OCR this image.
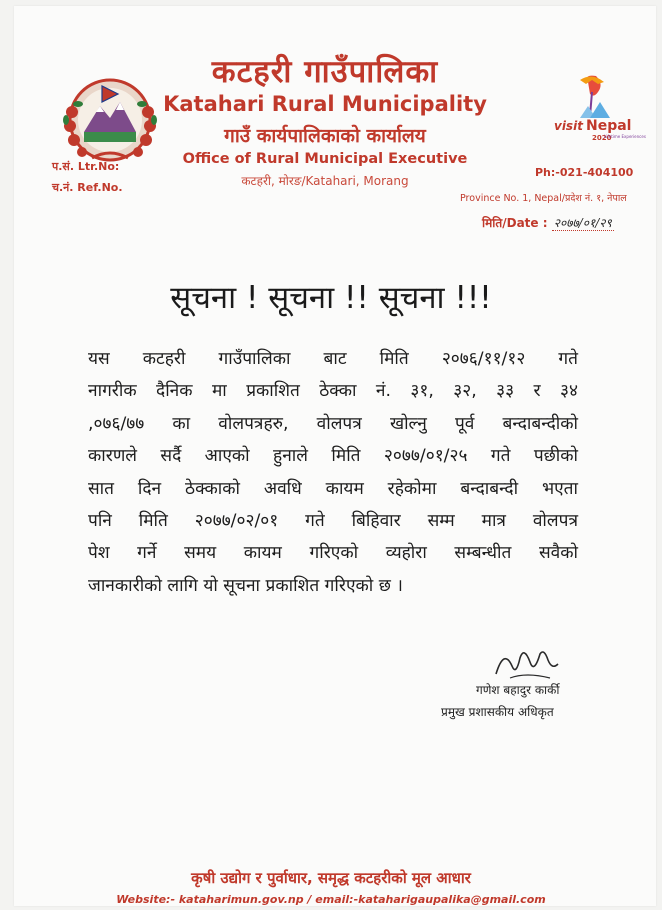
visit Nepal
2020
Lifetime Experiences
कटहरी गाउँपालिका
Katahari Rural Municipality
गाउँ कार्यपालिकाको कार्यालय
Office of Rural Municipal Executive
कटहरी, मोरङ/Katahari, Morang
प.सं. Ltr.No:
च.नं. Ref.No.
Ph:-021-404100
Province No. 1, Nepal/प्रदेश नं. १, नेपाल
मिति/Date : २०७७/०१/२९
सूचना ! सूचना !! सूचना !!!
यस कटहरी गाउँपालिका बाट मिति २०७६/११/१२ गते
नागरीक दैनिक मा प्रकाशित ठेक्का नं. ३१, ३२, ३३ र ३४
,०७६/७७ का वोलपत्रहरु, वोलपत्र खोल्नु पूर्व बन्दाबन्दीको
कारणले सर्दै आएको हुनाले मिति २०७७/०१/२५ गते पछीको
सात दिन ठेक्काको अवधि कायम रहेकोमा बन्दाबन्दी भएता
पनि मिति २०७७/०२/०१ गते बिहिवार सम्म मात्र वोलपत्र
पेश गर्ने समय कायम गरिएको व्यहोरा सम्बन्धीत सवैको
जानकारीको लागि यो सूचना प्रकाशित गरिएको छ ।
गणेश बहादुर कार्की
प्रमुख प्रशासकीय अधिकृत
कृषी उद्योग र पुर्वाधार, समृद्ध कटहरीको मूल आधार
Website:- kataharimun.gov.np / email:-kataharigaupalika@gmail.com
